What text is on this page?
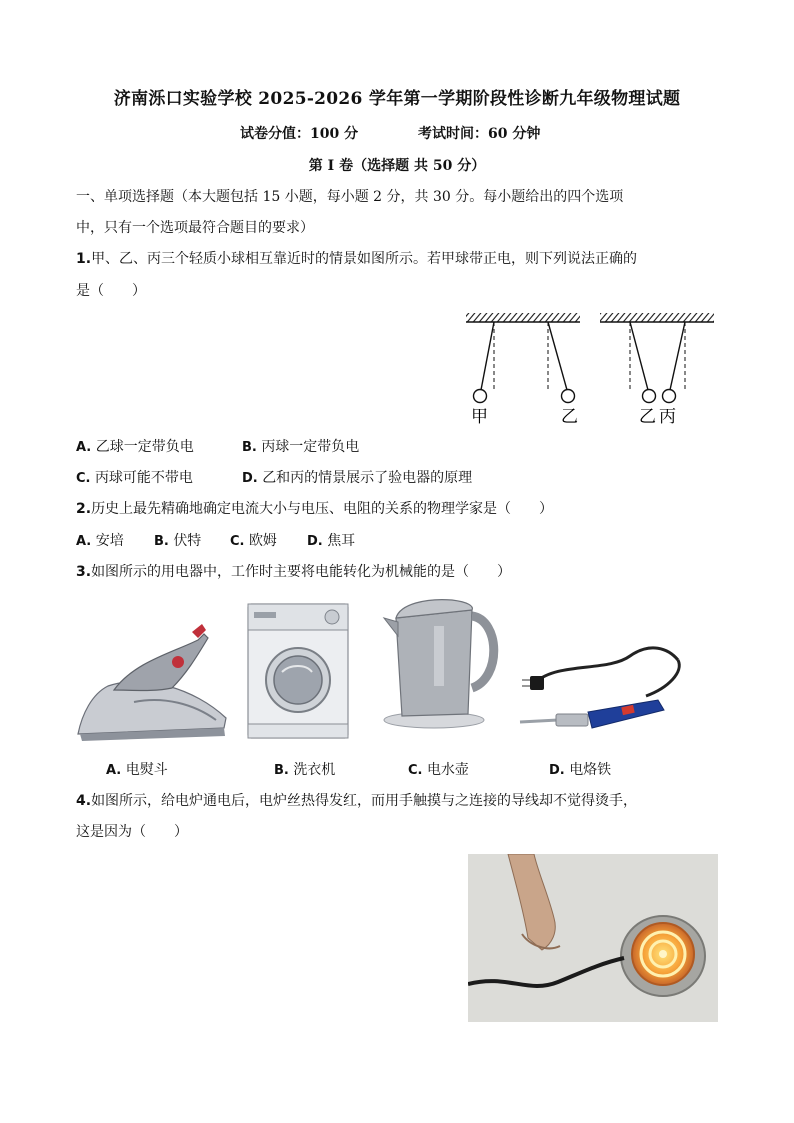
济南泺口实验学校 2025-2026 学年第一学期阶段性诊断九年级物理试题
试卷分值：100 分	考试时间：60 分钟
第 Ⅰ 卷（选择题 共 50 分）
一、单项选择题（本大题包括 15 小题，每小题 2 分，共 30 分。每小题给出的四个选项
中，只有一个选项最符合题目的要求）
1.甲、乙、丙三个轻质小球相互靠近时的情景如图所示。若甲球带正电，则下列说法正确的
是（　　）
甲	乙	乙 丙
A. 乙球一定带负电	B. 丙球一定带负电
C. 丙球可能不带电	D. 乙和丙的情景展示了验电器的原理
2.历史上最先精确地确定电流大小与电压、电阻的关系的物理学家是（　　）
A. 安培 B. 伏特 C. 欧姆 D. 焦耳
3.如图所示的用电器中，工作时主要将电能转化为机械能的是（　　）
A. 电熨斗	B. 洗衣机	C. 电水壶	D. 电烙铁
4.如图所示，给电炉通电后，电炉丝热得发红，而用手触摸与之连接的导线却不觉得烫手，
这是因为（　　）
